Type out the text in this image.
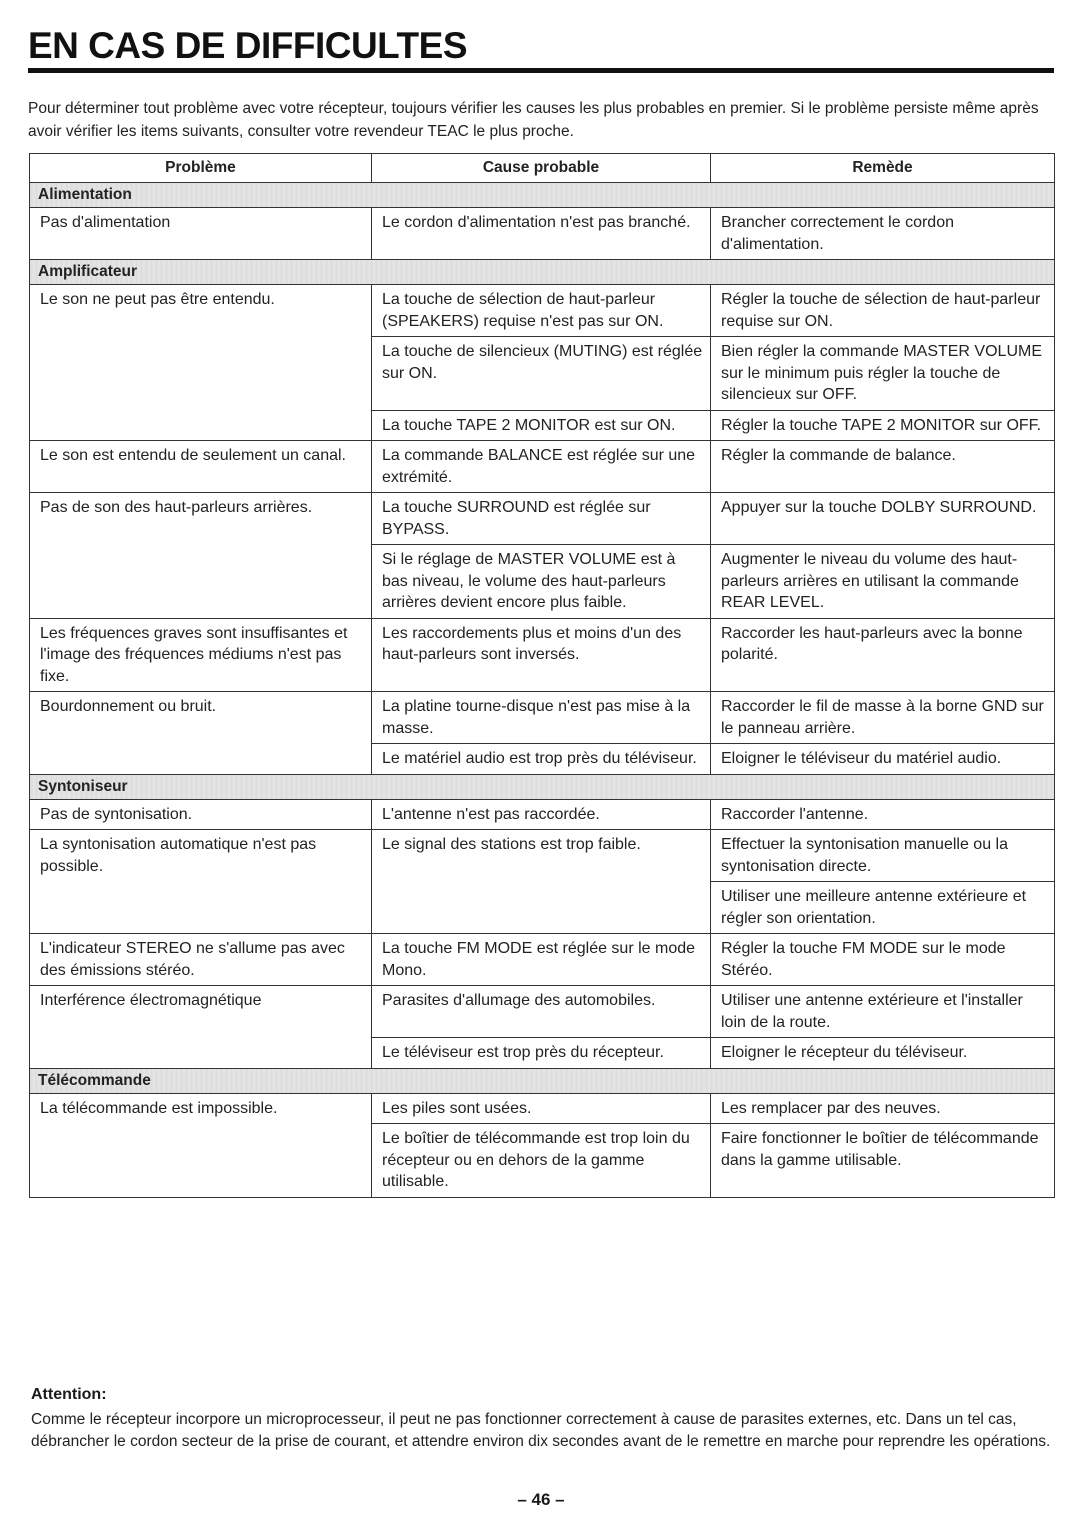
EN CAS DE DIFFICULTES

Pour déterminer tout problème avec votre récepteur, toujours vérifier les causes les plus probables en premier. Si le problème persiste même après avoir vérifier les items suivants, consulter votre revendeur TEAC le plus proche.

Problème	Cause probable	Remède
Alimentation		
Pas d'alimentation	Le cordon d'alimentation n'est pas branché.	Brancher correctement le cordon d'alimentation.
Amplificateur		
Le son ne peut pas être entendu.	La touche de sélection de haut-parleur (SPEAKERS) requise n'est pas sur ON.	Régler la touche de sélection de haut-parleur requise sur ON.
	La touche de silencieux (MUTING) est réglée sur ON.	Bien régler la commande MASTER VOLUME sur le minimum puis régler la touche de silencieux sur OFF.
	La touche TAPE 2 MONITOR est sur ON.	Régler la touche TAPE 2 MONITOR sur OFF.
Le son est entendu de seulement un canal.	La commande BALANCE est réglée sur une extrémité.	Régler la commande de balance.
Pas de son des haut-parleurs arrières.	La touche SURROUND est réglée sur BYPASS.	Appuyer sur la touche DOLBY SURROUND.
	Si le réglage de MASTER VOLUME est à bas niveau, le volume des haut-parleurs arrières devient encore plus faible.	Augmenter le niveau du volume des haut-parleurs arrières en utilisant la commande REAR LEVEL.
Les fréquences graves sont insuffisantes et l'image des fréquences médiums n'est pas fixe.	Les raccordements plus et moins d'un des haut-parleurs sont inversés.	Raccorder les haut-parleurs avec la bonne polarité.
Bourdonnement ou bruit.	La platine tourne-disque n'est pas mise à la masse.	Raccorder le fil de masse à la borne GND sur le panneau arrière.
	Le matériel audio est trop près du téléviseur.	Eloigner le téléviseur du matériel audio.
Syntoniseur		
Pas de syntonisation.	L'antenne n'est pas raccordée.	Raccorder l'antenne.
La syntonisation automatique n'est pas possible.	Le signal des stations est trop faible.	Effectuer la syntonisation manuelle ou la syntonisation directe.
		Utiliser une meilleure antenne extérieure et régler son orientation.
L'indicateur STEREO ne s'allume pas avec des émissions stéréo.	La touche FM MODE est réglée sur le mode Mono.	Régler la touche FM MODE sur le mode Stéréo.
Interférence électromagnétique	Parasites d'allumage des automobiles.	Utiliser une antenne extérieure et l'installer loin de la route.
	Le téléviseur est trop près du récepteur.	Eloigner le récepteur du téléviseur.
Télécommande		
La télécommande est impossible.	Les piles sont usées.	Les remplacer par des neuves.
	Le boîtier de télécommande est trop loin du récepteur ou en dehors de la gamme utilisable.	Faire fonctionner le boîtier de télécommande dans la gamme utilisable.

Attention:

Comme le récepteur incorpore un microprocesseur, il peut ne pas fonctionner correctement à cause de parasites externes, etc. Dans un tel cas, débrancher le cordon secteur de la prise de courant, et attendre environ dix secondes avant de le remettre en marche pour reprendre les opérations.

– 46 –
